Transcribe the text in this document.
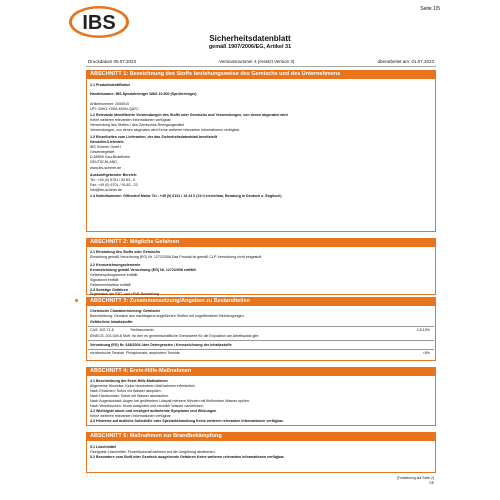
IBS
Seite 1/5
Sicherheitsdatenblatt
gemäß 1907/2006/EG, Artikel 31
Druckdatum 05.07.2023	Versionsnummer 4 (ersetzt Version 3)	überarbeitet am: 01.07.2023
ABSCHNITT 1: Bezeichnung des Stoffs beziehungsweise des Gemischs und des Unternehmens
1.1 Produktidentifikator
Handelsname: IBS-Spezialreiniger WAS 10.500 (Sprühreiniger)
Artikelnummer: 2050510
UFI: 03HG-Y0SA-K00N-QAYC
1.2 Relevante identifizierte Verwendungen des Stoffs oder Gemischs und Verwendungen, von denen abgeraten wird
Keine weiteren relevanten Informationen verfügbar.
Verwendung des Stoffes / des Gemisches Reinigungsmittel
Verwendungen, von denen abgeraten wird Keine weiteren relevanten Informationen verfügbar.
1.3 Einzelheiten zum Lieferanten, der das Sicherheitsdatenblatt bereitstellt
Hersteller/Lieferant:
IBS Scherer GmbH
Gewerbegebiet
D-55599 Gau-Bickelheim
DEUTSCHLAND
www.ibs-scherer.de
Auskunftgebender Bereich:
Tel.: +49 (0) 6701 / 93 83 - 0
Fax: +49 (0) 6701 / 93 83 - 22
info@ibs-scherer.de
1.4 Notrufnummer: Giftnotruf Mainz Tel.: +49 (0) 6131 / 19 24 0 (24 h erreichbar, Beratung in Deutsch u. Englisch)
ABSCHNITT 2: Mögliche Gefahren
2.1 Einstufung des Stoffs oder Gemischs
Einstufung gemäß Verordnung (EG) Nr. 1272/2008 Das Produkt ist gemäß CLP-Verordnung nicht eingestuft.
2.2 Kennzeichnungselemente
Kennzeichnung gemäß Verordnung (EG) Nr. 1272/2008 entfällt
Gefahrenpiktogramme entfällt
Signalwort entfällt
Gefahrenhinweise entfällt
2.3 Sonstige Gefahren
Ergebnisse der PBT- und vPvB-Beurteilung
ABSCHNITT 3: Zusammensetzung/Angaben zu Bestandteilen
Chemische Charakterisierung: Gemische
Beschreibung: Gemisch aus nachfolgend angeführten Stoffen mit ungefährlichen Beimengungen.
Gefährliche Inhaltsstoffe:
CAS: 102-71-6	Triethanolamin	2,5-10%
EINECS: 203-049-8 Stoff, für den es gemeinschaftliche Grenzwerte für die Exposition am Arbeitsplatz gibt
Verordnung (EG) Nr. 648/2004 über Detergenzien / Kennzeichnung der Inhaltsstoffe
nichtionische Tenside, Phosphonate, amphotere Tenside	<5%
ABSCHNITT 4: Erste-Hilfe-Maßnahmen
4.1 Beschreibung der Erste-Hilfe-Maßnahmen
Allgemeine Hinweise: Keine besonderen Maßnahmen erforderlich.
Nach Einatmen: Sofort mit Wasser abspülen.
Nach Hautkontakt: Sofort mit Wasser abwaschen.
Nach Augenkontakt: Augen bei geöffnetem Lidspalt mehrere Minuten mit fließendem Wasser spülen.
Nach Verschlucken: Mund ausspülen und reichlich Wasser nachtrinken.
4.2 Wichtigste akute und verzögert auftretende Symptome und Wirkungen
Keine weiteren relevanten Informationen verfügbar.
4.3 Hinweise auf ärztliche Soforthilfe oder Spezialbehandlung Keine weiteren relevanten Informationen verfügbar.
ABSCHNITT 5: Maßnahmen zur Brandbekämpfung
5.1 Löschmittel
Geeignete Löschmittel: Feuerlöschmaßnahmen auf die Umgebung abstimmen.
5.2 Besondere vom Stoff oder Gemisch ausgehende Gefahren Keine weiteren relevanten Informationen verfügbar.
(Fortsetzung auf Seite 2)
DE
